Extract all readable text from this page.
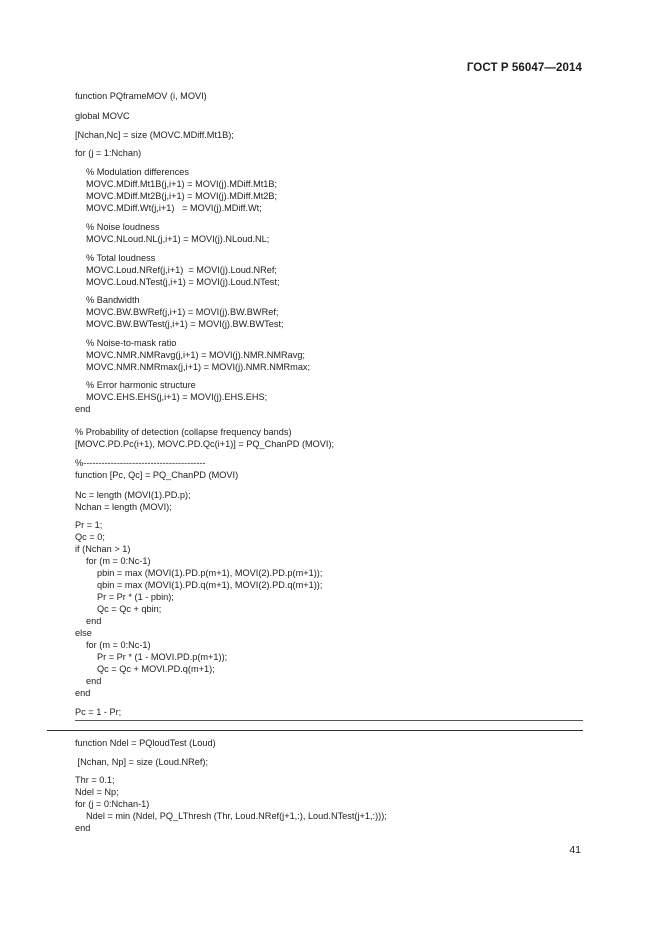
ГОСТ Р 56047—2014
function PQframeMOV (i, MOVI)
global MOVC
[Nchan,Nc] = size (MOVC.MDiff.Mt1B);
for (j = 1:Nchan)
% Modulation differences
MOVC.MDiff.Mt1B(j,i+1) = MOVI(j).MDiff.Mt1B;
MOVC.MDiff.Mt2B(j,i+1) = MOVI(j).MDiff.Mt2B;
MOVC.MDiff.Wt(j,i+1)   = MOVI(j).MDiff.Wt;
% Noise loudness
MOVC.NLoud.NL(j,i+1) = MOVI(j).NLoud.NL;
% Total loudness
MOVC.Loud.NRef(j,i+1)  = MOVI(j).Loud.NRef;
MOVC.Loud.NTest(j,i+1) = MOVI(j).Loud.NTest;
% Bandwidth
MOVC.BW.BWRef(j,i+1) = MOVI(j).BW.BWRef;
MOVC.BW.BWTest(j,i+1) = MOVI(j).BW.BWTest;
% Noise-to-mask ratio
MOVC.NMR.NMRavg(j,i+1) = MOVI(j).NMR.NMRavg;
MOVC.NMR.NMRmax(j,i+1) = MOVI(j).NMR.NMRmax;
% Error harmonic structure
MOVC.EHS.EHS(j,i+1) = MOVI(j).EHS.EHS;
end
% Probability of detection (collapse frequency bands)
[MOVC.PD.Pc(i+1), MOVC.PD.Qc(i+1)] = PQ_ChanPD (MOVI);
%----------------------------------------
function [Pc, Qc] = PQ_ChanPD (MOVI)
Nc = length (MOVI(1).PD.p);
Nchan = length (MOVI);
Pr = 1;
Qc = 0;
if (Nchan > 1)
for (m = 0:Nc-1)
pbin = max (MOVI(1).PD.p(m+1), MOVI(2).PD.p(m+1));
qbin = max (MOVI(1).PD.q(m+1), MOVI(2).PD.q(m+1));
Pr = Pr * (1 - pbin);
Qc = Qc + qbin;
end
else
for (m = 0:Nc-1)
Pr = Pr * (1 - MOVI.PD.p(m+1));
Qc = Qc + MOVI.PD.q(m+1);
end
end
Pc = 1 - Pr;
function Ndel = PQloudTest (Loud)
[Nchan, Np] = size (Loud.NRef);
Thr = 0.1;
Ndel = Np;
for (j = 0:Nchan-1)
Ndel = min (Ndel, PQ_LThresh (Thr, Loud.NRef(j+1,:), Loud.NTest(j+1,:)));
end
41
